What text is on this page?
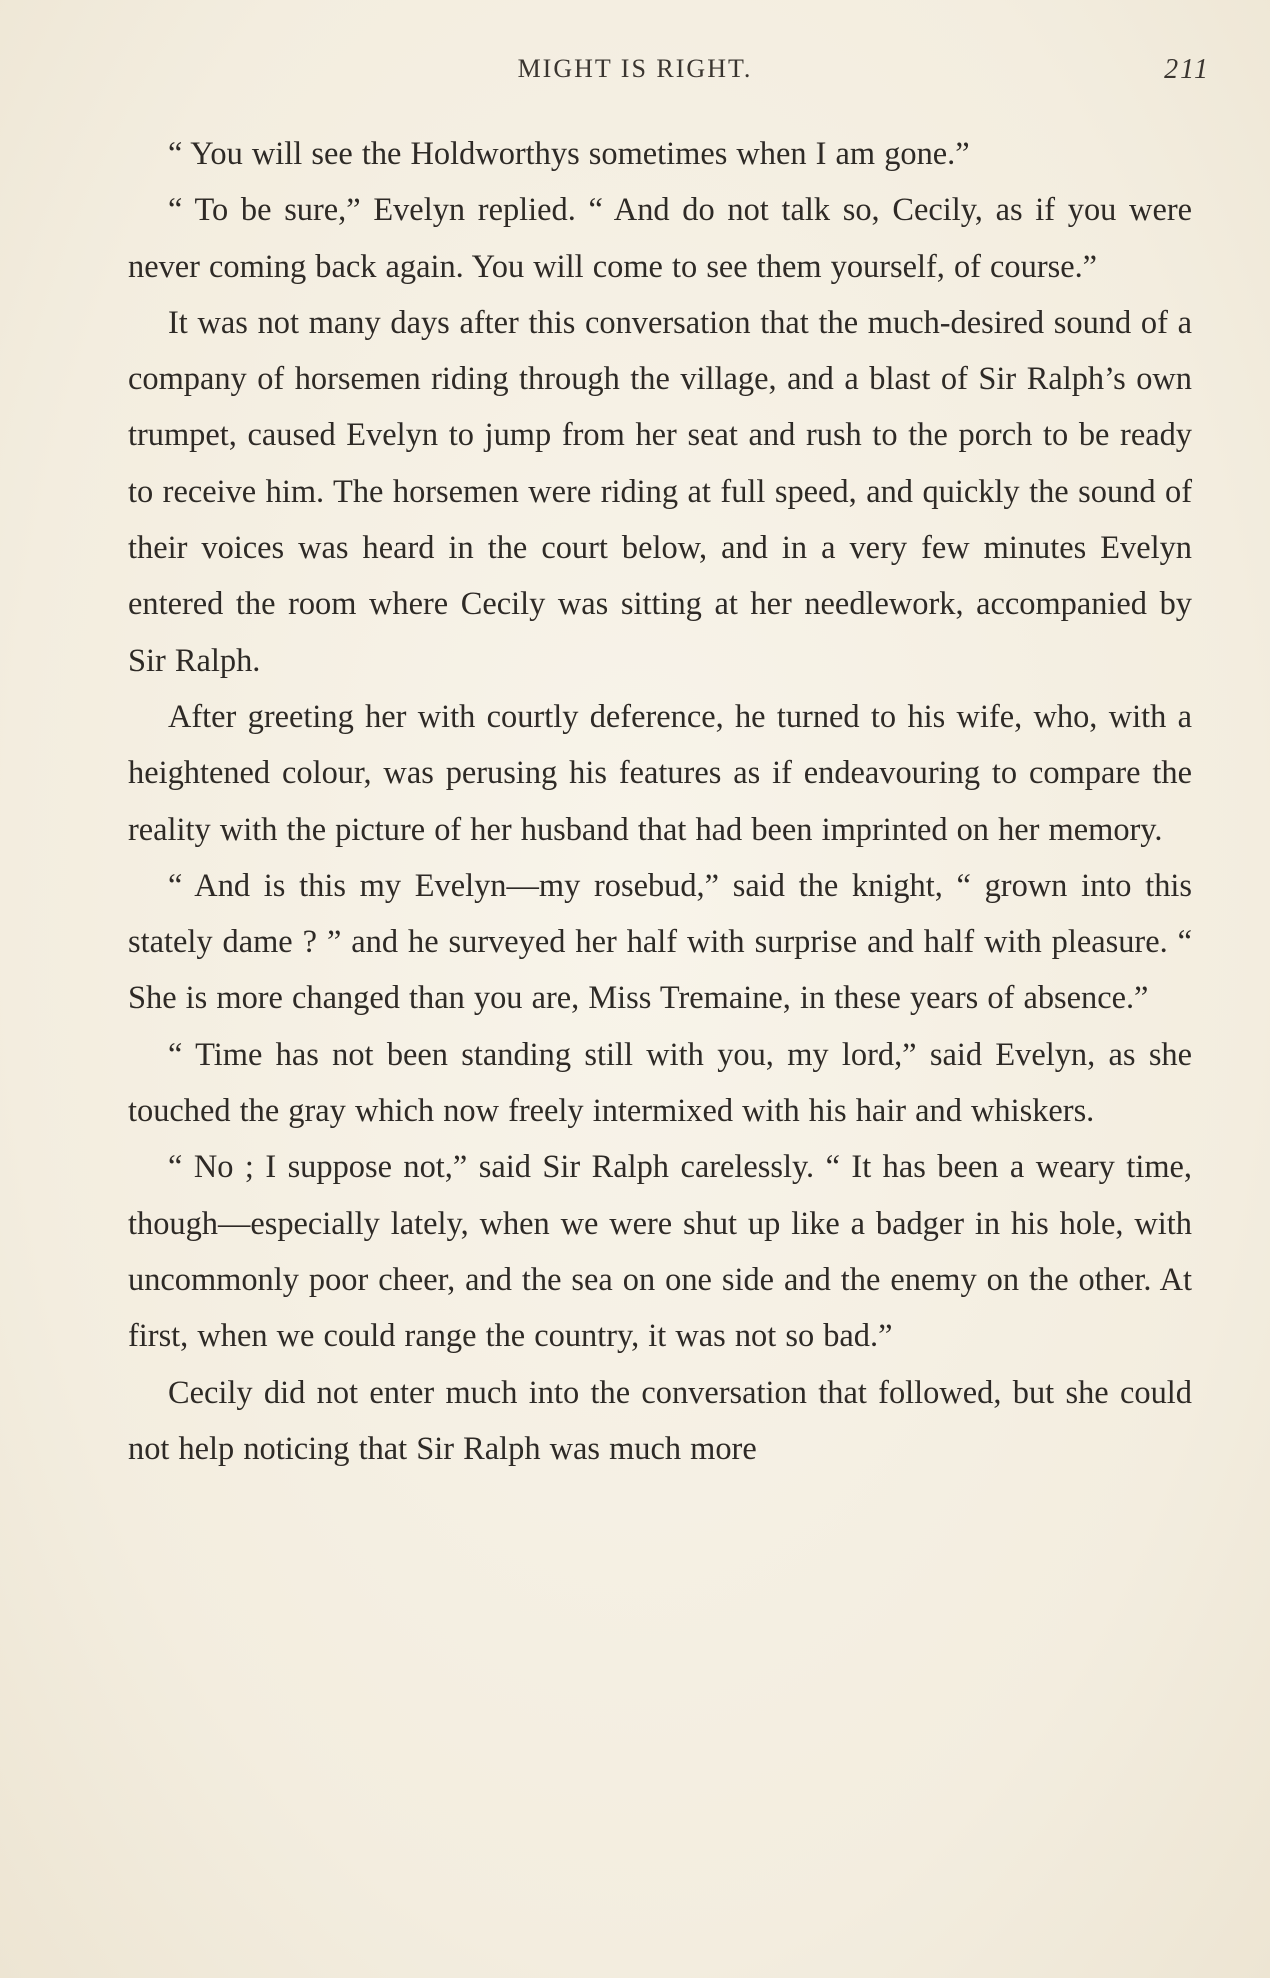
MIGHT IS RIGHT.	211

“ You will see the Holdworthys sometimes when I am gone.”

“ To be sure,” Evelyn replied. “ And do not talk so, Cecily, as if you were never coming back again. You will come to see them yourself, of course.”

It was not many days after this conversation that the much-desired sound of a company of horsemen riding through the village, and a blast of Sir Ralph’s own trumpet, caused Evelyn to jump from her seat and rush to the porch to be ready to receive him. The horsemen were riding at full speed, and quickly the sound of their voices was heard in the court below, and in a very few minutes Evelyn entered the room where Cecily was sitting at her needlework, accompanied by Sir Ralph.

After greeting her with courtly deference, he turned to his wife, who, with a heightened colour, was perusing his features as if endeavouring to compare the reality with the picture of her husband that had been imprinted on her memory.

“ And is this my Evelyn—my rosebud,” said the knight, “ grown into this stately dame ? ” and he surveyed her half with surprise and half with pleasure. “ She is more changed than you are, Miss Tremaine, in these years of absence.”

“ Time has not been standing still with you, my lord,” said Evelyn, as she touched the gray which now freely intermixed with his hair and whiskers.

“ No ; I suppose not,” said Sir Ralph carelessly. “ It has been a weary time, though—especially lately, when we were shut up like a badger in his hole, with uncommonly poor cheer, and the sea on one side and the enemy on the other. At first, when we could range the country, it was not so bad.”

Cecily did not enter much into the conversation that followed, but she could not help noticing that Sir Ralph was much more
